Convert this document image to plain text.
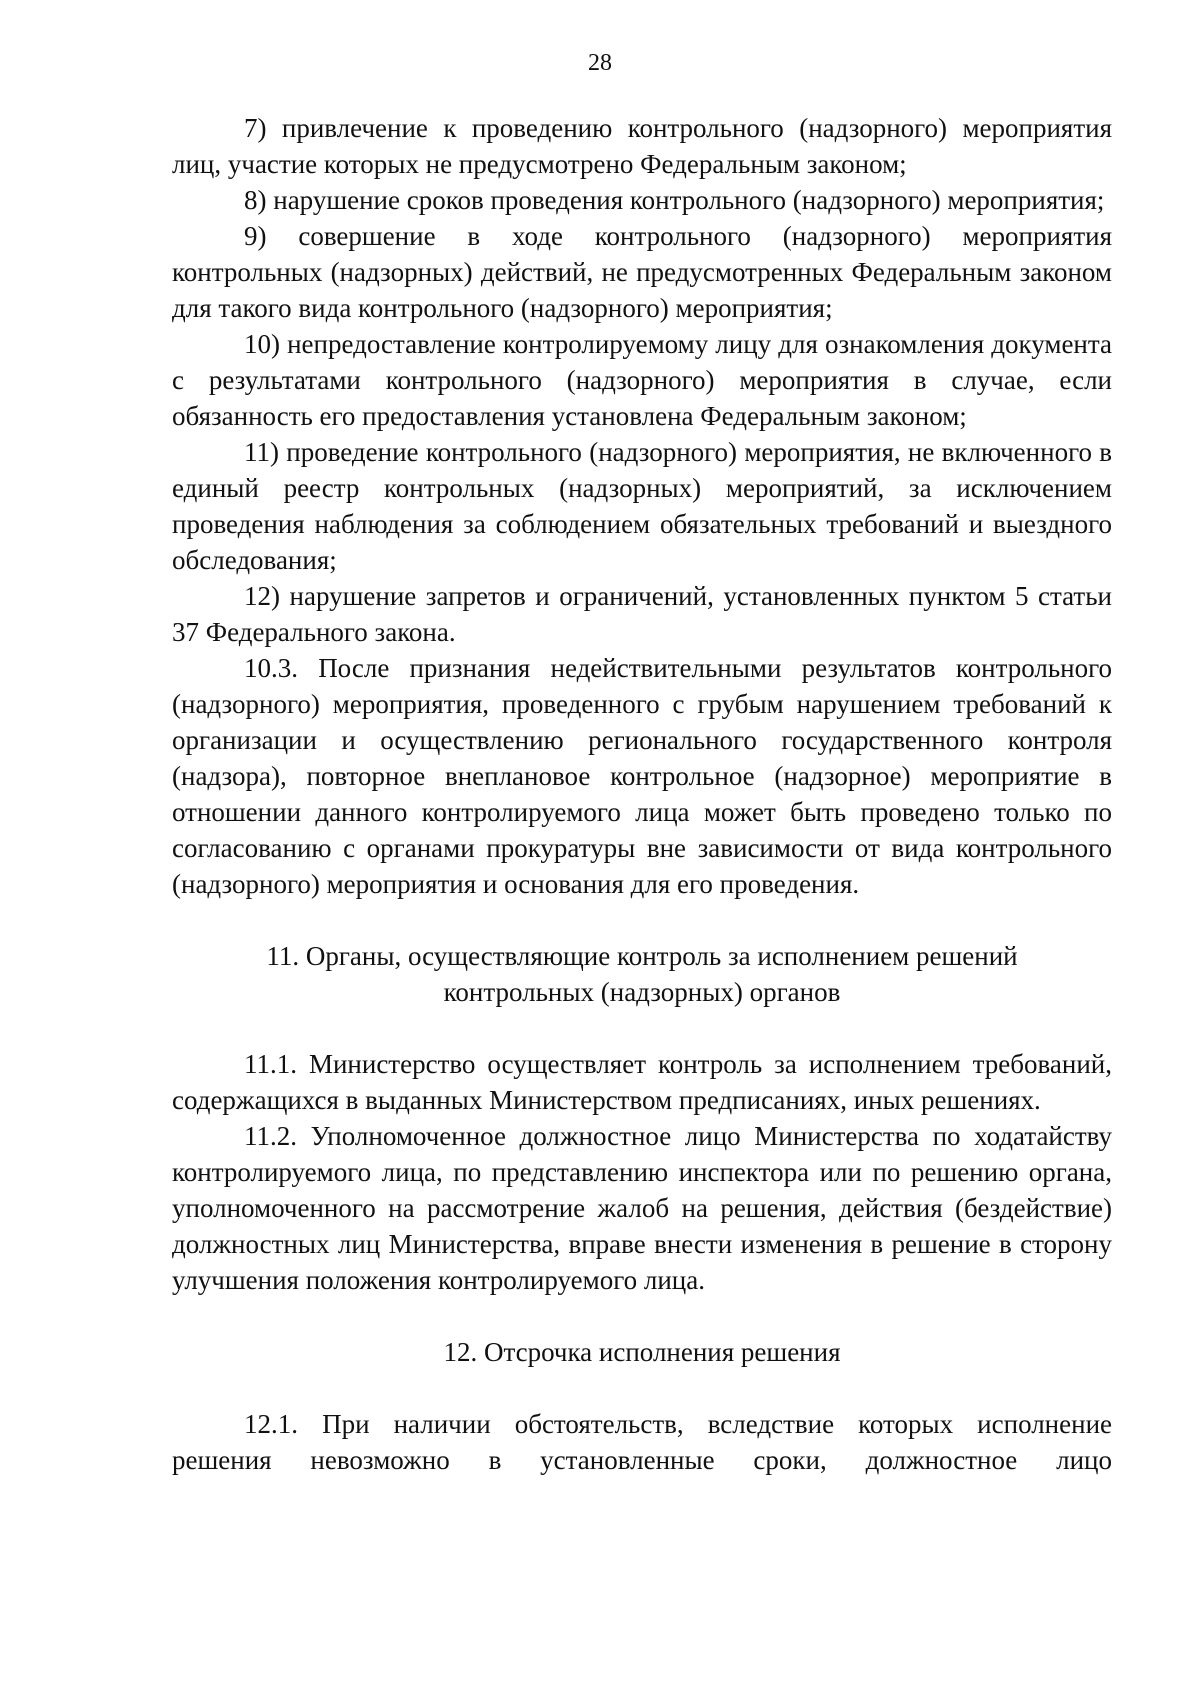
28

7) привлечение к проведению контрольного (надзорного) мероприятия лиц, участие которых не предусмотрено Федеральным законом;

8) нарушение сроков проведения контрольного (надзорного) мероприятия;

9) совершение в ходе контрольного (надзорного) мероприятия контрольных (надзорных) действий, не предусмотренных Федеральным законом для такого вида контрольного (надзорного) мероприятия;

10) непредоставление контролируемому лицу для ознакомления документа с результатами контрольного (надзорного) мероприятия в случае, если обязанность его предоставления установлена Федеральным законом;

11) проведение контрольного (надзорного) мероприятия, не включенного в единый реестр контрольных (надзорных) мероприятий, за исключением проведения наблюдения за соблюдением обязательных требований и выездного обследования;

12) нарушение запретов и ограничений, установленных пунктом 5 статьи 37 Федерального закона.

10.3. После признания недействительными результатов контрольного (надзорного) мероприятия, проведенного с грубым нарушением требований к организации и осуществлению регионального государственного контроля (надзора), повторное внеплановое контрольное (надзорное) мероприятие в отношении данного контролируемого лица может быть проведено только по согласованию с органами прокуратуры вне зависимости от вида контрольного (надзорного) мероприятия и основания для его проведения.

11. Органы, осуществляющие контроль за исполнением решений

контрольных (надзорных) органов

11.1. Министерство осуществляет контроль за исполнением требований, содержащихся в выданных Министерством предписаниях, иных решениях.

11.2. Уполномоченное должностное лицо Министерства по ходатайству контролируемого лица, по представлению инспектора или по решению органа, уполномоченного на рассмотрение жалоб на решения, действия (бездействие) должностных лиц Министерства, вправе внести изменения в решение в сторону улучшения положения контролируемого лица.

12. Отсрочка исполнения решения

12.1. При наличии обстоятельств, вследствие которых исполнение решения невозможно в установленные сроки, должностное лицо
